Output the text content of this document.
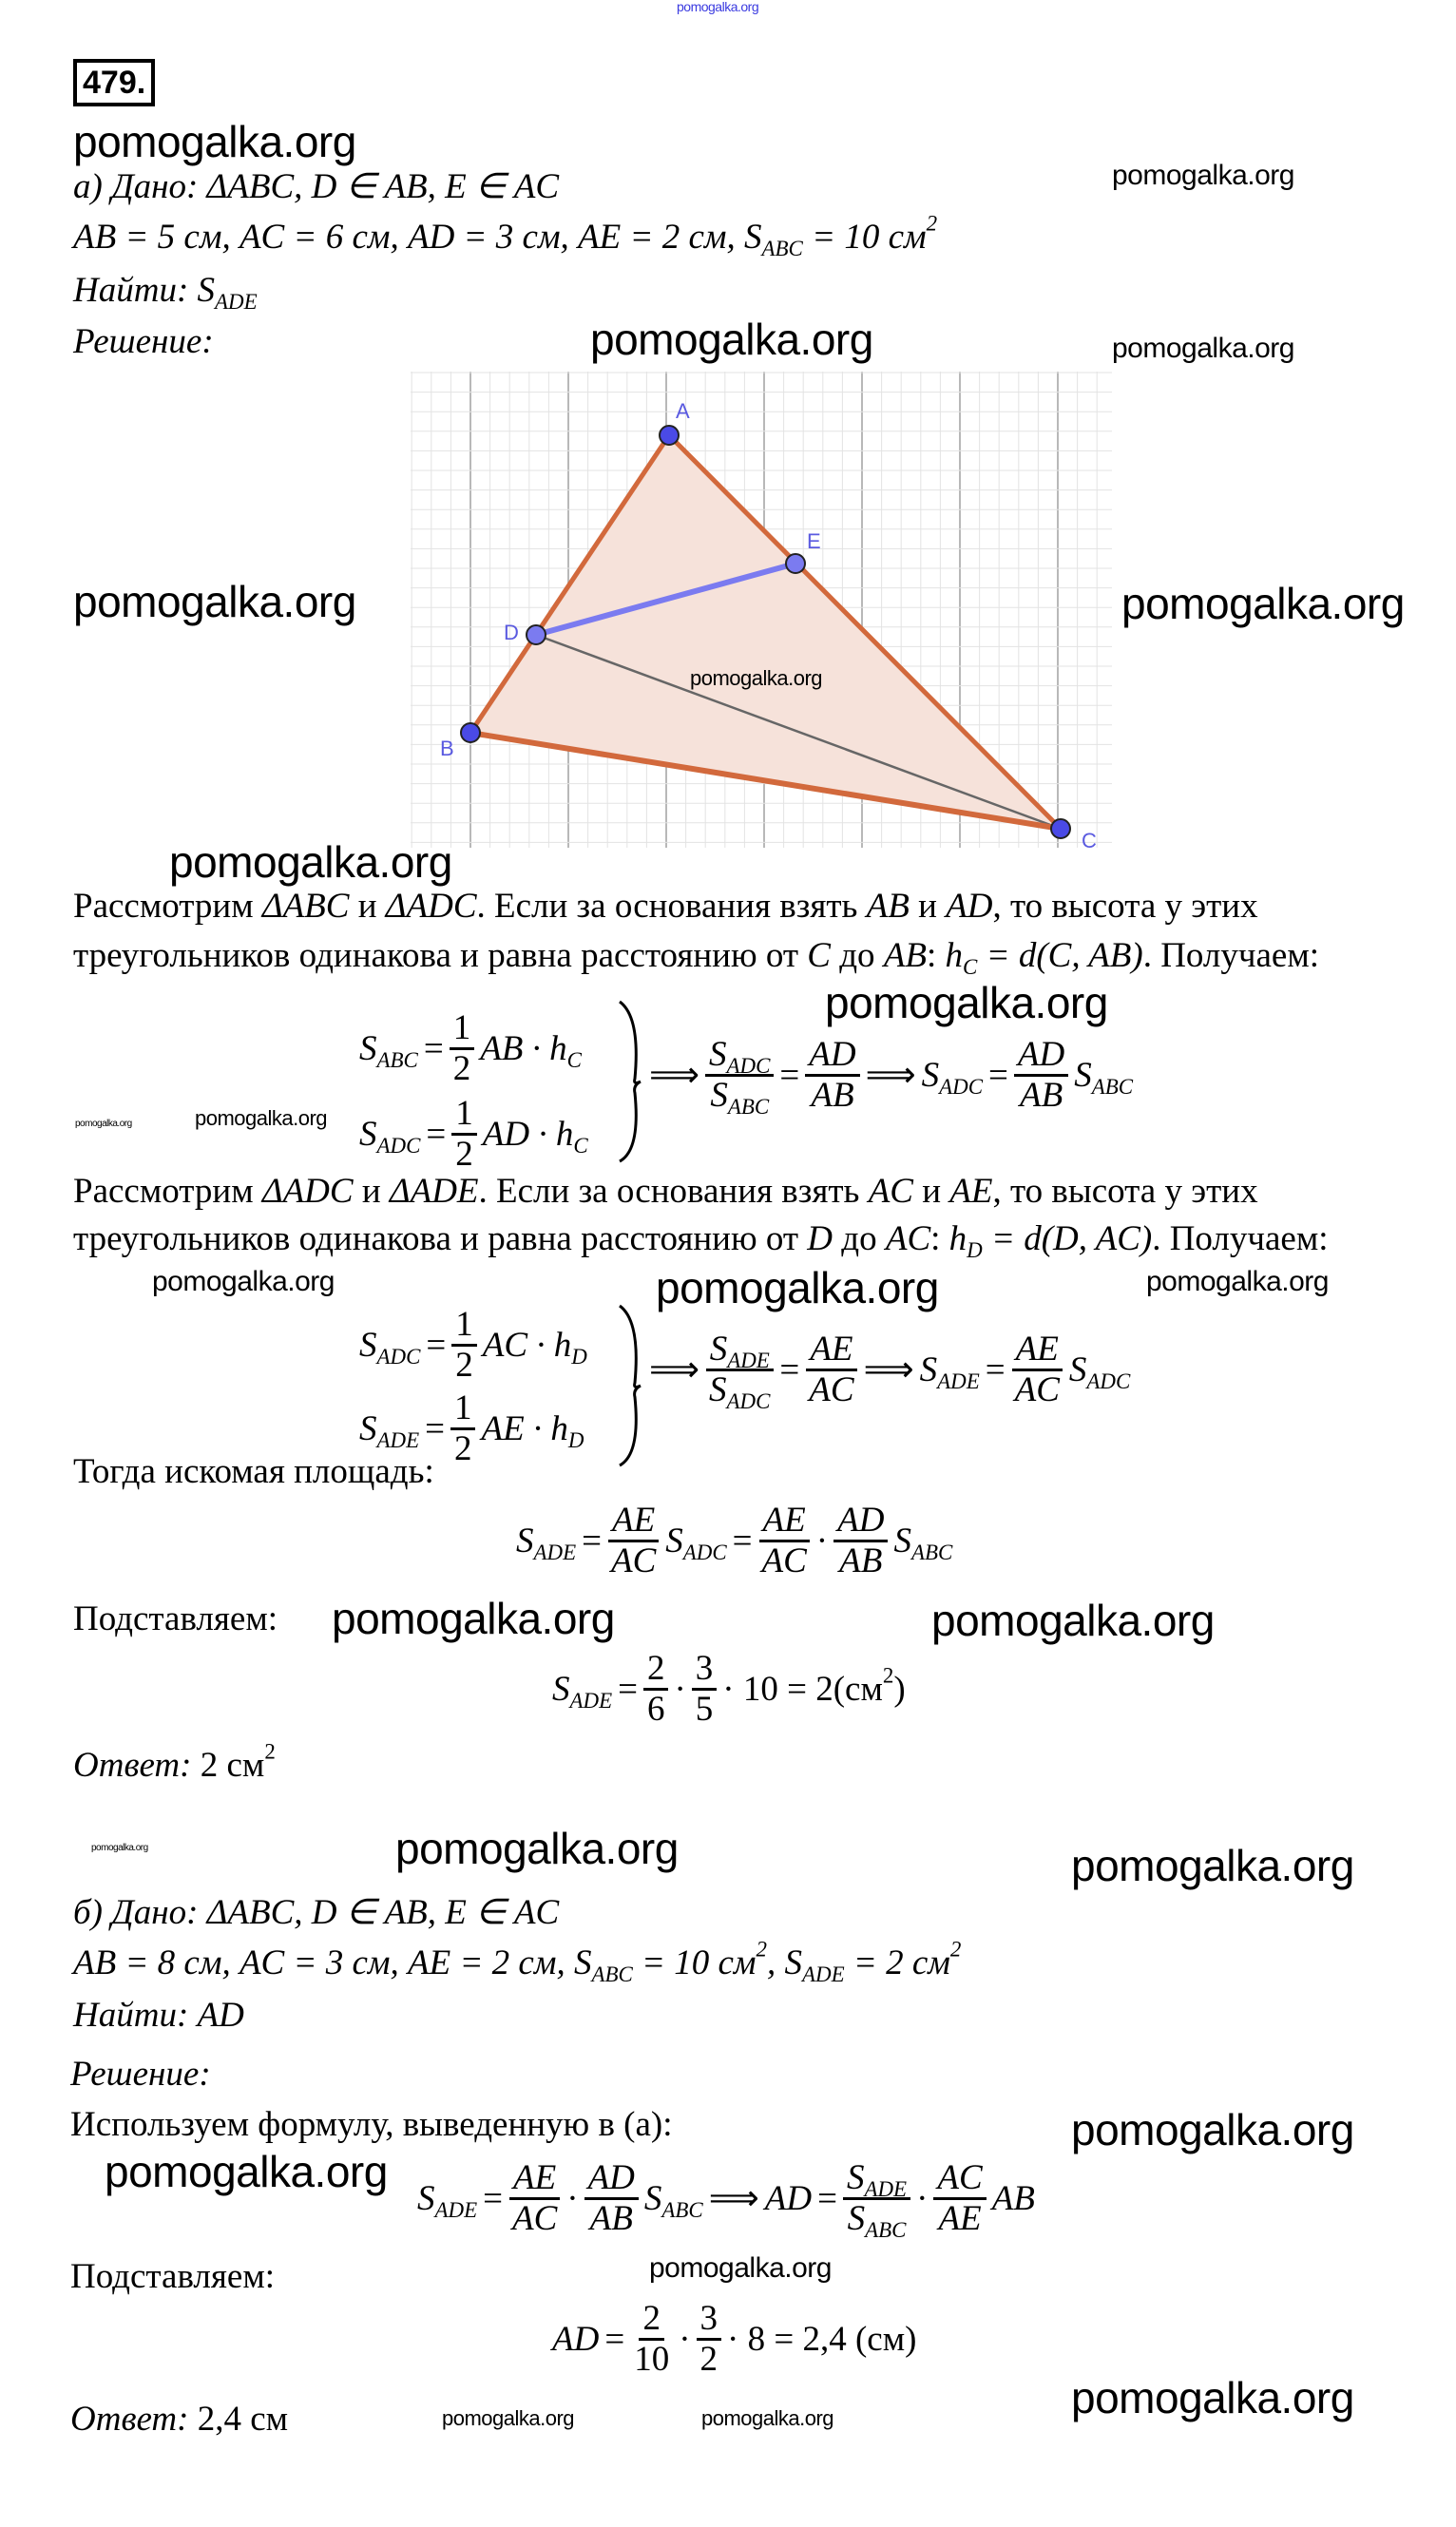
pomogalka.org
pomogalka.org
pomogalka.org
pomogalka.org	pomogalka.org
pomogalka.org	pomogalka.org
pomogalka.org
pomogalka.org
pomogalka.org
pomogalka.org	pomogalka.org
pomogalka.org	pomogalka.org	pomogalka.org
pomogalka.org	pomogalka.org
pomogalka.org	pomogalka.org	pomogalka.org
pomogalka.org
pomogalka.org
pomogalka.org
pomogalka.org
pomogalka.org	pomogalka.org
479.
а) Дано: ΔABC, D ∈ AB, E ∈ AC
AB = 5 см, AC = 6 см, AD = 3 см, AE = 2 см, $S_{ABC} = 10$ $см^2$
Найти: $S_{ADE}$
Решение:
A
E
D
B
C
Рассмотрим ΔABC и ΔADC. Если за основания взять AB и AD, то высота у этих
треугольников одинакова и равна расстоянию от C до AB: $h_C = d(C$, AB). Получаем:
$S_{ABC} = \frac{1}{2}$ AB · $h_C$
$S_{ADC} = \frac{1}{2}$ AD · $h_C$
⟹ $\frac{S_{ADC}}{S_{ABC}} = \frac{AD}{AB}$ ⟹ $S_{ADC} = \frac{AD}{AB} S_{ABC}$
Рассмотрим ΔADC и ΔADE. Если за основания взять AC и AE, то высота у этих
треугольников одинакова и равна расстоянию от D до AC: $h_D = d(D$, AC). Получаем:
$S_{ADC} = \frac{1}{2}$ AC · $h_D$
$S_{ADE} = \frac{1}{2}$ AE · $h_D$
⟹ $\frac{S_{ADE}}{S_{ADC}} = \frac{AE}{AC}$ ⟹ $S_{ADE} = \frac{AE}{AC} S_{ADC}$
Тогда искомая площадь:
$S_{ADE} = \frac{AE}{AC} S_{ADC} = \frac{AE}{AC} \cdot \frac{AD}{AB} S_{ABC}$
Подставляем:
$S_{ADE} = \frac{2}{6} \cdot \frac{3}{5} \cdot 10 = 2(см^2)$
Ответ: 2 $см^2$
б) Дано: ΔABC, D ∈ AB, E ∈ AC
AB = 8 см, AC = 3 см, AE = 2 см, $S_{ABC} = 10$ $см^2$, $S_{ADE} = 2$ $см^2$
Найти: AD
Решение:
Используем формулу, выведенную в (а):
$S_{ADE} = \frac{AE}{AC} \cdot \frac{AD}{AB} S_{ABC}$ ⟹ AD = $\frac{S_{ADE}}{S_{ABC}} \cdot \frac{AC}{AE}$ AB
Подставляем:
AD = $\frac{2}{10} \cdot \frac{3}{2} \cdot 8 = 2,4$ (см)
Ответ: 2,4 см
